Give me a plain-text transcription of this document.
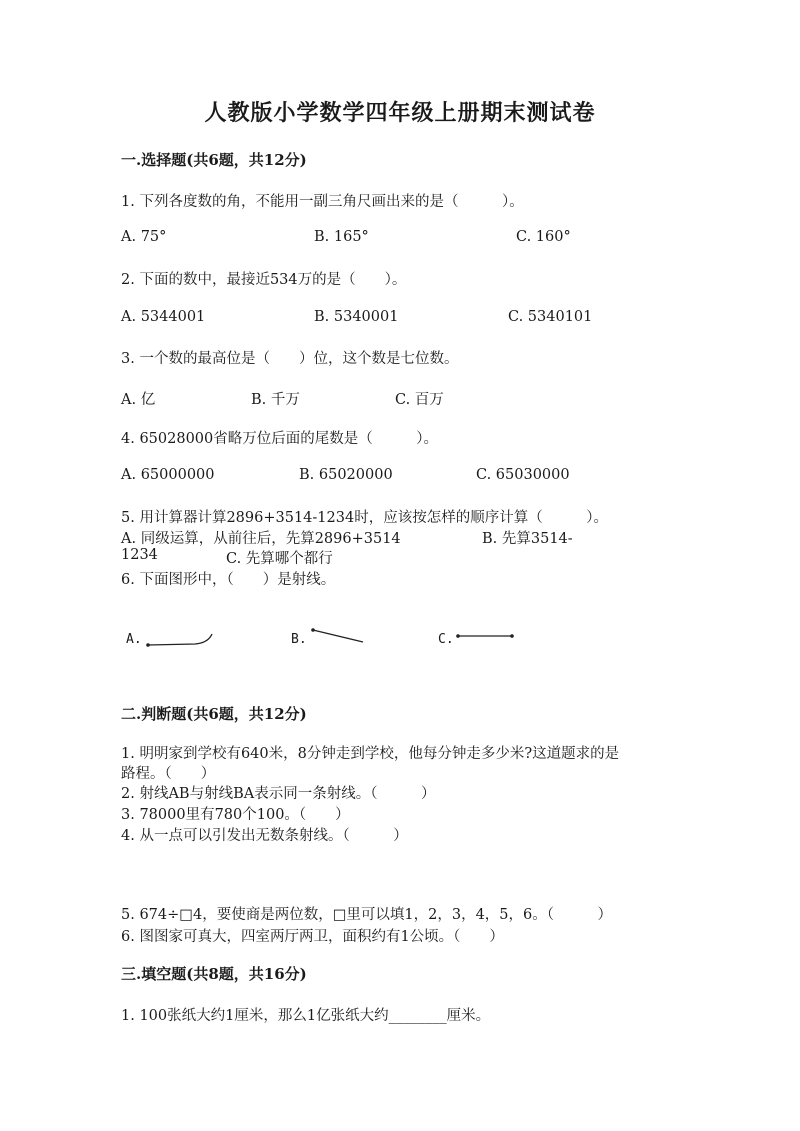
人教版小学数学四年级上册期末测试卷
一.选择题(共6题，共12分)
1. 下列各度数的角，不能用一副三角尺画出来的是（　　　）。
A. 75°	B. 165°	C. 160°
2. 下面的数中，最接近534万的是（　　）。
A. 5344001	B. 5340001	C. 5340101
3. 一个数的最高位是（　　）位，这个数是七位数。
A. 亿	B. 千万	C. 百万
4. 65028000省略万位后面的尾数是（　　　）。
A. 65000000	B. 65020000	C. 65030000
5. 用计算器计算2896+3514-1234时，应该按怎样的顺序计算（　　　）。
A. 同级运算，从前往后，先算2896+3514	B. 先算3514-
1234	C. 先算哪个都行
6. 下面图形中，（　　）是射线。
A.	B.	C.
二.判断题(共6题，共12分)
1. 明明家到学校有640米，8分钟走到学校，他每分钟走多少米?这道题求的是
路程。（　　）
2. 射线AB与射线BA表示同一条射线。（　　　）
3. 78000里有780个100。（　　）
4. 从一点可以引发出无数条射线。（　　　）
5. 674÷□4，要使商是两位数，□里可以填1，2，3，4，5，6。（　　　）
6. 图图家可真大，四室两厅两卫，面积约有1公顷。（　　）
三.填空题(共8题，共16分)
1. 100张纸大约1厘米，那么1亿张纸大约________厘米。
